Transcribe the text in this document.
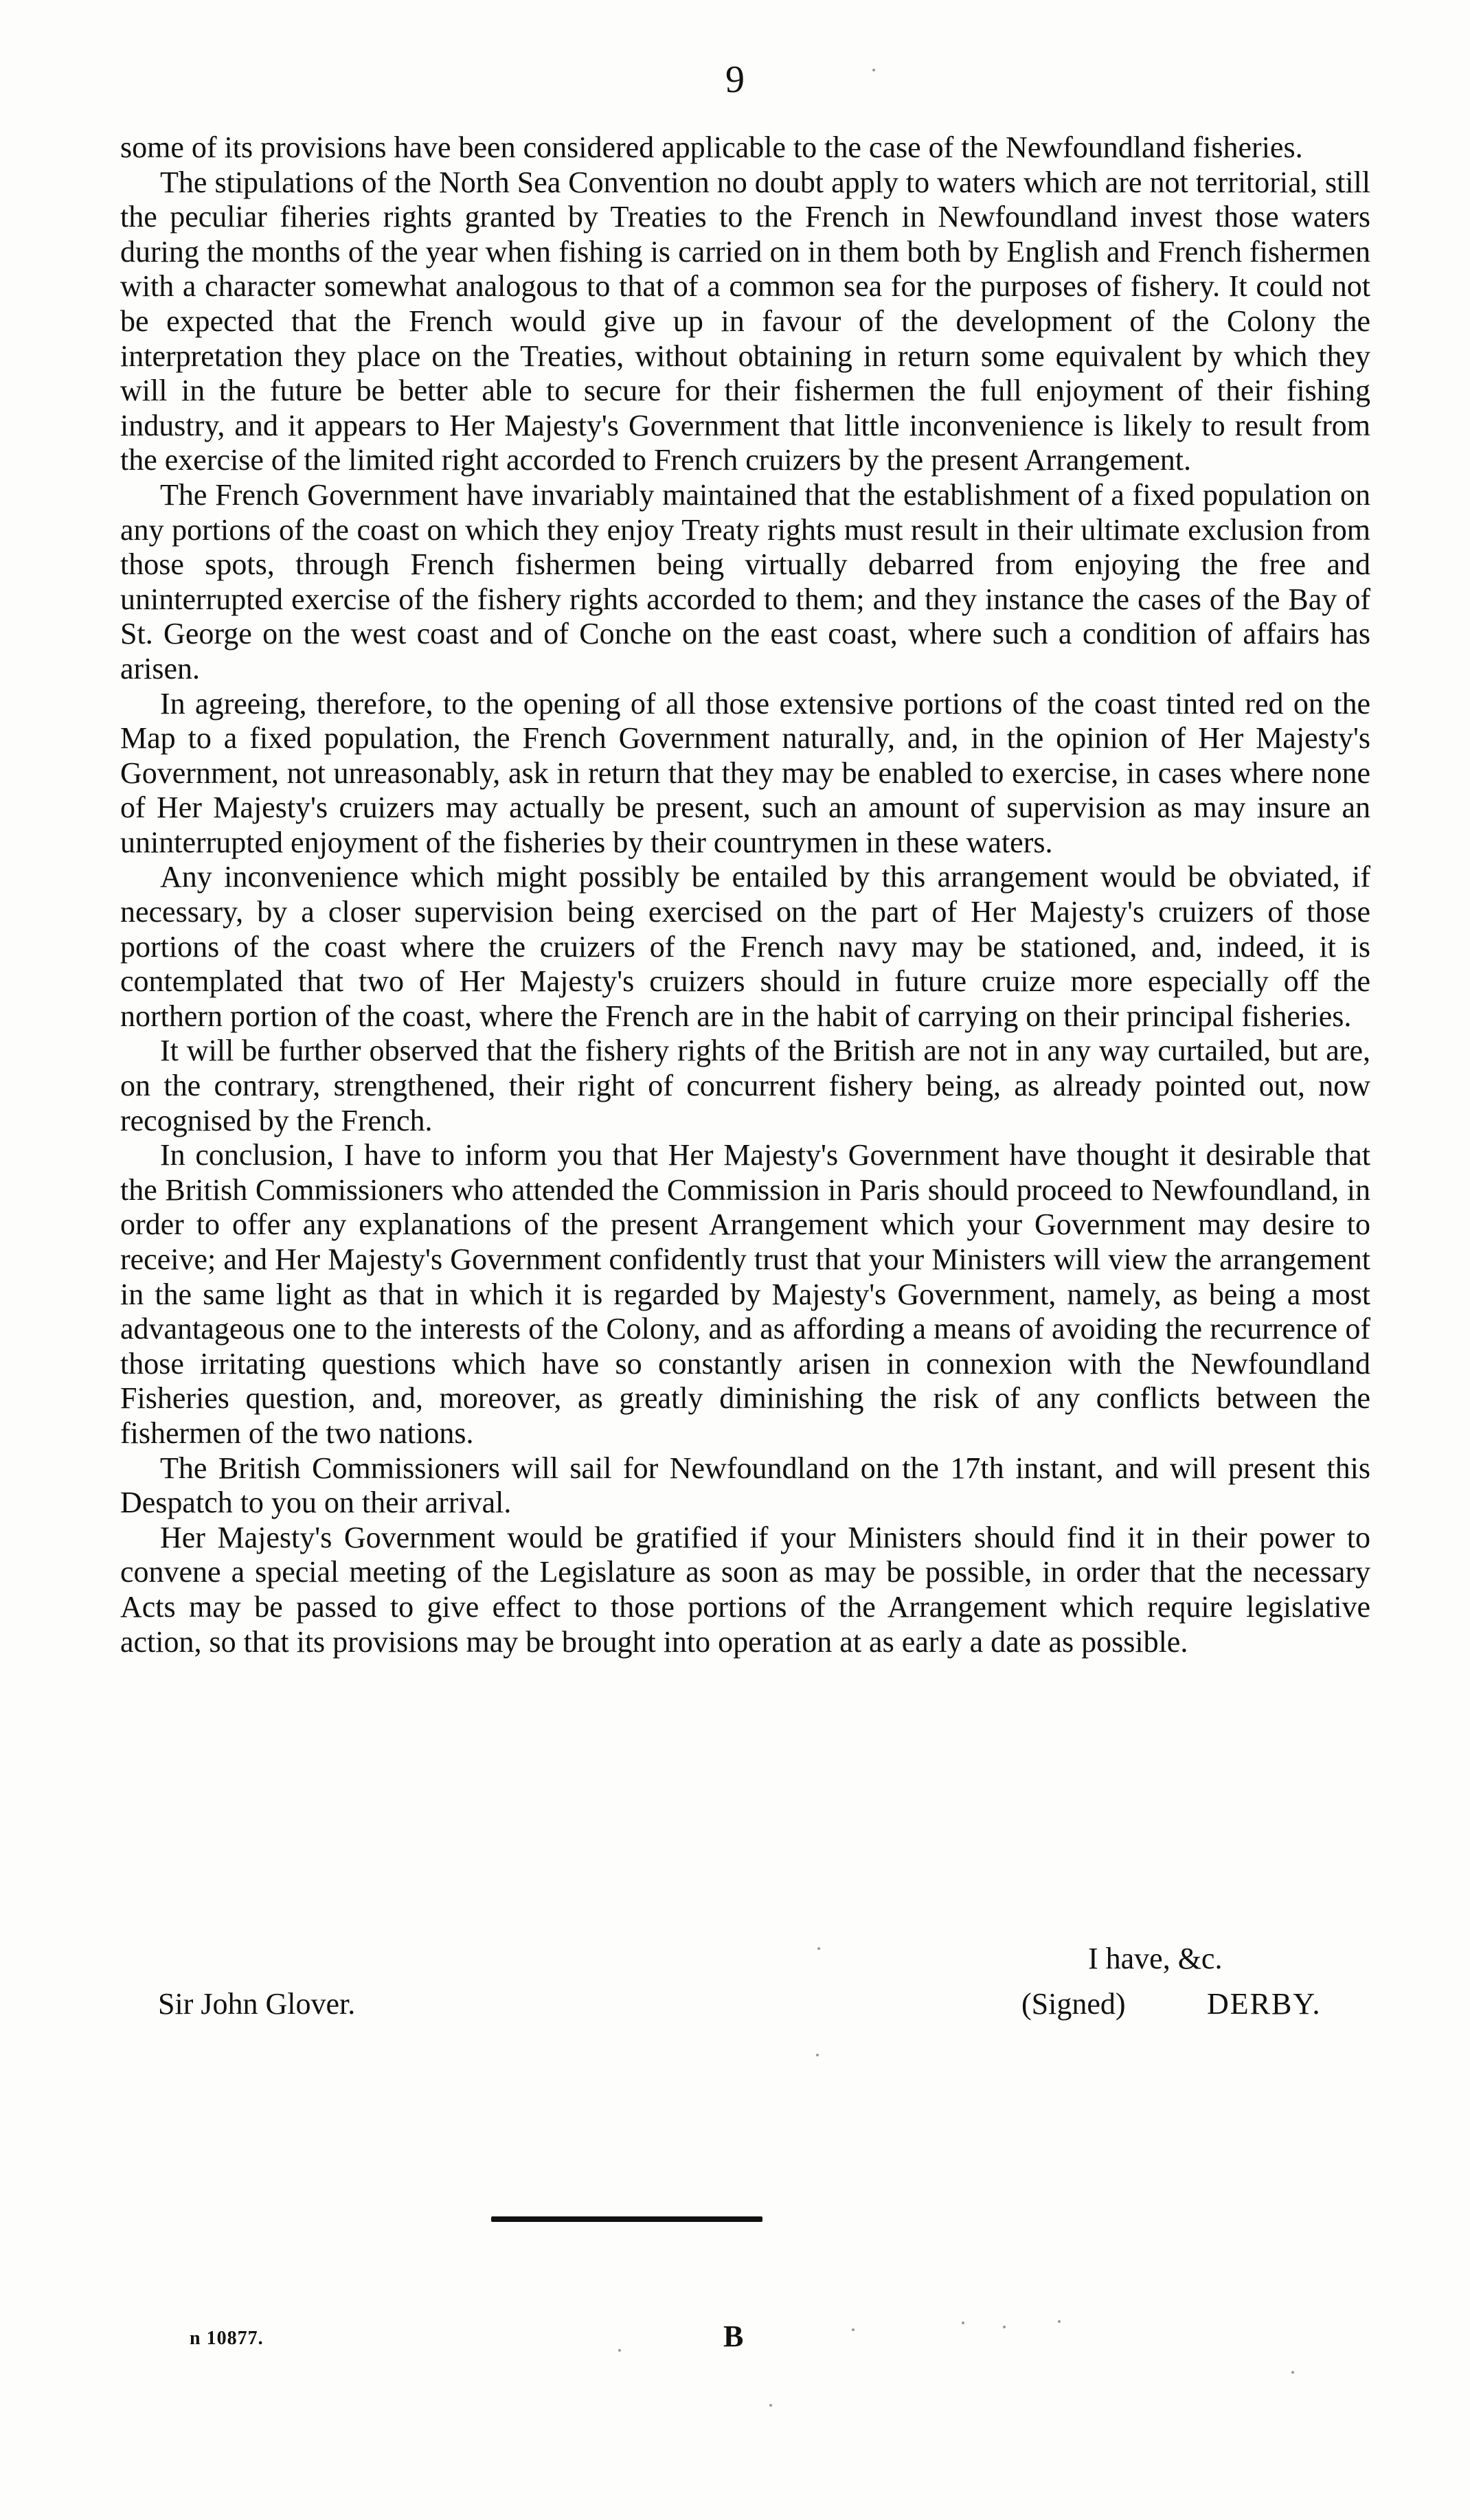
9

some of its provisions have been considered applicable to the case of the Newfoundland fisheries.

The stipulations of the North Sea Convention no doubt apply to waters which are not territorial, still the peculiar fiheries rights granted by Treaties to the French in Newfoundland invest those waters during the months of the year when fishing is carried on in them both by English and French fishermen with a character somewhat analogous to that of a common sea for the purposes of fishery. It could not be expected that the French would give up in favour of the development of the Colony the interpretation they place on the Treaties, without obtaining in return some equivalent by which they will in the future be better able to secure for their fishermen the full enjoyment of their fishing industry, and it appears to Her Majesty's Government that little inconvenience is likely to result from the exercise of the limited right accorded to French cruizers by the present Arrangement.

The French Government have invariably maintained that the establishment of a fixed population on any portions of the coast on which they enjoy Treaty rights must result in their ultimate exclusion from those spots, through French fishermen being virtually debarred from enjoying the free and uninterrupted exercise of the fishery rights accorded to them; and they instance the cases of the Bay of St. George on the west coast and of Conche on the east coast, where such a condition of affairs has arisen.

In agreeing, therefore, to the opening of all those extensive portions of the coast tinted red on the Map to a fixed population, the French Government naturally, and, in the opinion of Her Majesty's Government, not unreasonably, ask in return that they may be enabled to exercise, in cases where none of Her Majesty's cruizers may actually be present, such an amount of supervision as may insure an uninterrupted enjoyment of the fisheries by their countrymen in these waters.

Any inconvenience which might possibly be entailed by this arrangement would be obviated, if necessary, by a closer supervision being exercised on the part of Her Majesty's cruizers of those portions of the coast where the cruizers of the French navy may be stationed, and, indeed, it is contemplated that two of Her Majesty's cruizers should in future cruize more especially off the northern portion of the coast, where the French are in the habit of carrying on their principal fisheries.

It will be further observed that the fishery rights of the British are not in any way curtailed, but are, on the contrary, strengthened, their right of concurrent fishery being, as already pointed out, now recognised by the French.

In conclusion, I have to inform you that Her Majesty's Government have thought it desirable that the British Commissioners who attended the Commission in Paris should proceed to Newfoundland, in order to offer any explanations of the present Arrangement which your Government may desire to receive; and Her Majesty's Government confidently trust that your Ministers will view the arrangement in the same light as that in which it is regarded by Majesty's Government, namely, as being a most advantageous one to the interests of the Colony, and as affording a means of avoiding the recurrence of those irritating questions which have so constantly arisen in connexion with the Newfoundland Fisheries question, and, moreover, as greatly diminishing the risk of any conflicts between the fishermen of the two nations.

The British Commissioners will sail for Newfoundland on the 17th instant, and will present this Despatch to you on their arrival.

Her Majesty's Government would be gratified if your Ministers should find it in their power to convene a special meeting of the Legislature as soon as may be possible, in order that the necessary Acts may be passed to give effect to those portions of the Arrangement which require legislative action, so that its provisions may be brought into operation at as early a date as possible.

I have, &c.
Sir John Glover.	(Signed)	DERBY.
n 10877.	B
